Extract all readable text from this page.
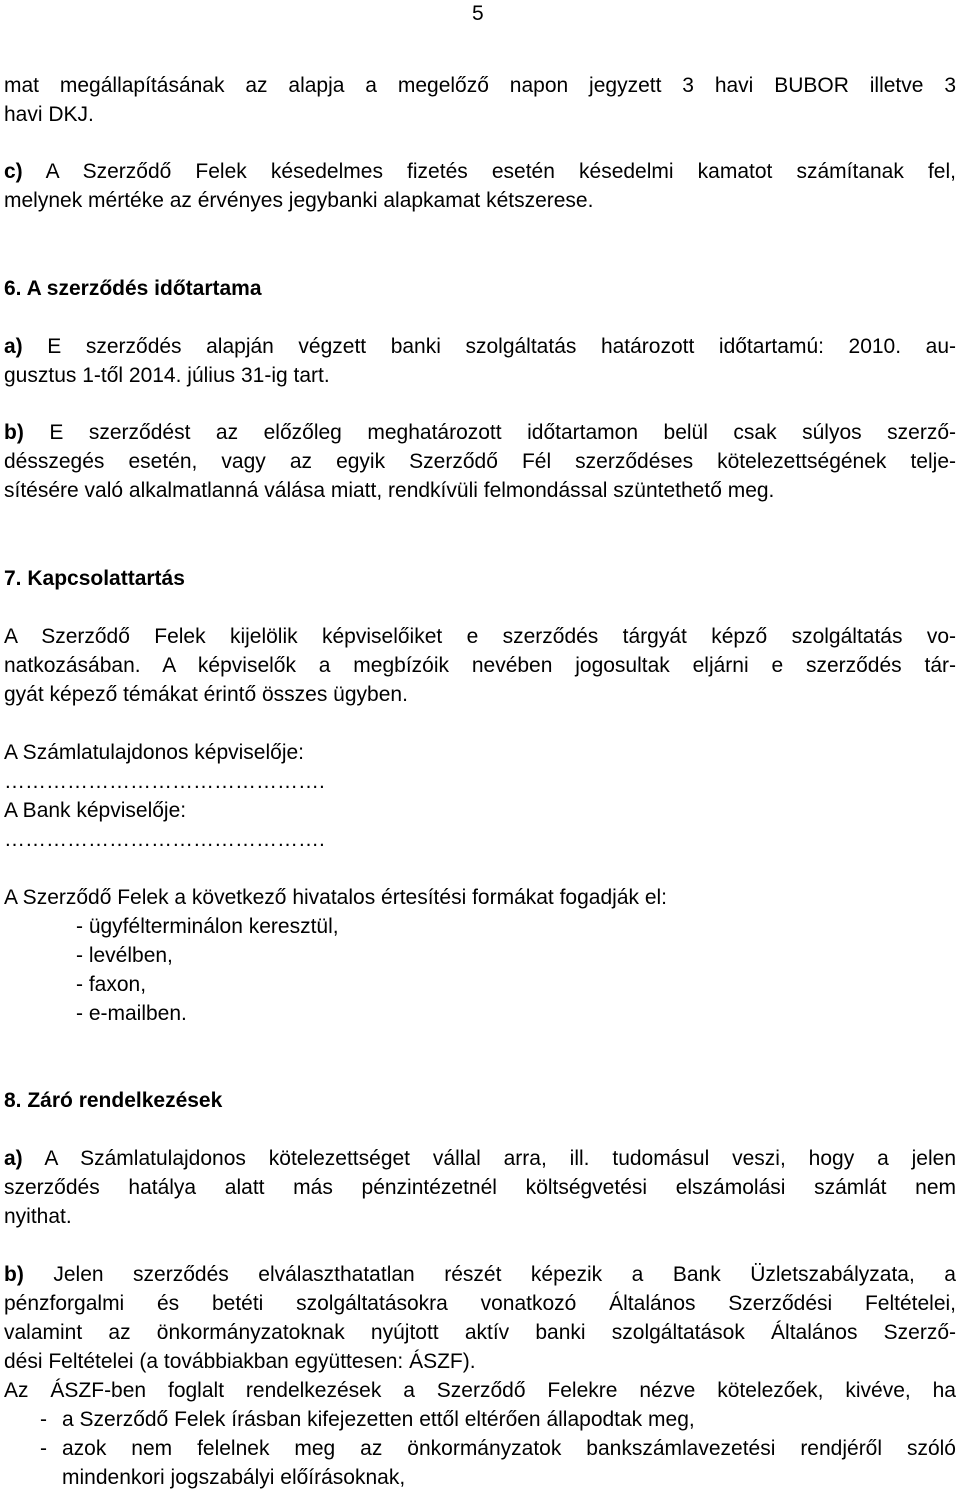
5
mat megállapításának az alapja a megelőző napon jegyzett 3 havi BUBOR illetve 3
havi DKJ.
c) A Szerződő Felek késedelmes fizetés esetén késedelmi kamatot számítanak fel,
melynek mértéke az érvényes jegybanki alapkamat kétszerese.
6. A szerződés időtartama
a) E szerződés alapján végzett banki szolgáltatás határozott időtartamú: 2010. au-
gusztus 1-től 2014. július 31-ig tart.
b) E szerződést az előzőleg meghatározott időtartamon belül csak súlyos szerző-
désszegés esetén, vagy az egyik Szerződő Fél szerződéses kötelezettségének telje-
sítésére való alkalmatlanná válása miatt, rendkívüli felmondással szüntethető meg.
7. Kapcsolattartás
A Szerződő Felek kijelölik képviselőiket e szerződés tárgyát képző szolgáltatás vo-
natkozásában. A képviselők a megbízóik nevében jogosultak eljárni e szerződés tár-
gyát képező témákat érintő összes ügyben.
A Számlatulajdonos képviselője:
……………………………………….
A Bank képviselője:
……………………………………….
A Szerződő Felek a következő hivatalos értesítési formákat fogadják el:
- ügyfélterminálon keresztül,
- levélben,
- faxon,
- e-mailben.
8. Záró rendelkezések
a) A Számlatulajdonos kötelezettséget vállal arra, ill. tudomásul veszi, hogy a jelen
szerződés hatálya alatt más pénzintézetnél költségvetési elszámolási számlát nem
nyithat.
b) Jelen szerződés elválaszthatatlan részét képezik a Bank Üzletszabályzata, a
pénzforgalmi és betéti szolgáltatásokra vonatkozó Általános Szerződési Feltételei,
valamint az önkormányzatoknak nyújtott aktív banki szolgáltatások Általános Szerző-
dési Feltételei (a továbbiakban együttesen: ÁSZF).
Az ÁSZF-ben foglalt rendelkezések a Szerződő Felekre nézve kötelezőek, kivéve, ha
- a Szerződő Felek írásban kifejezetten ettől eltérően állapodtak meg,
- azok nem felelnek meg az önkormányzatok bankszámlavezetési rendjéről szóló
mindenkori jogszabályi előírásoknak,
